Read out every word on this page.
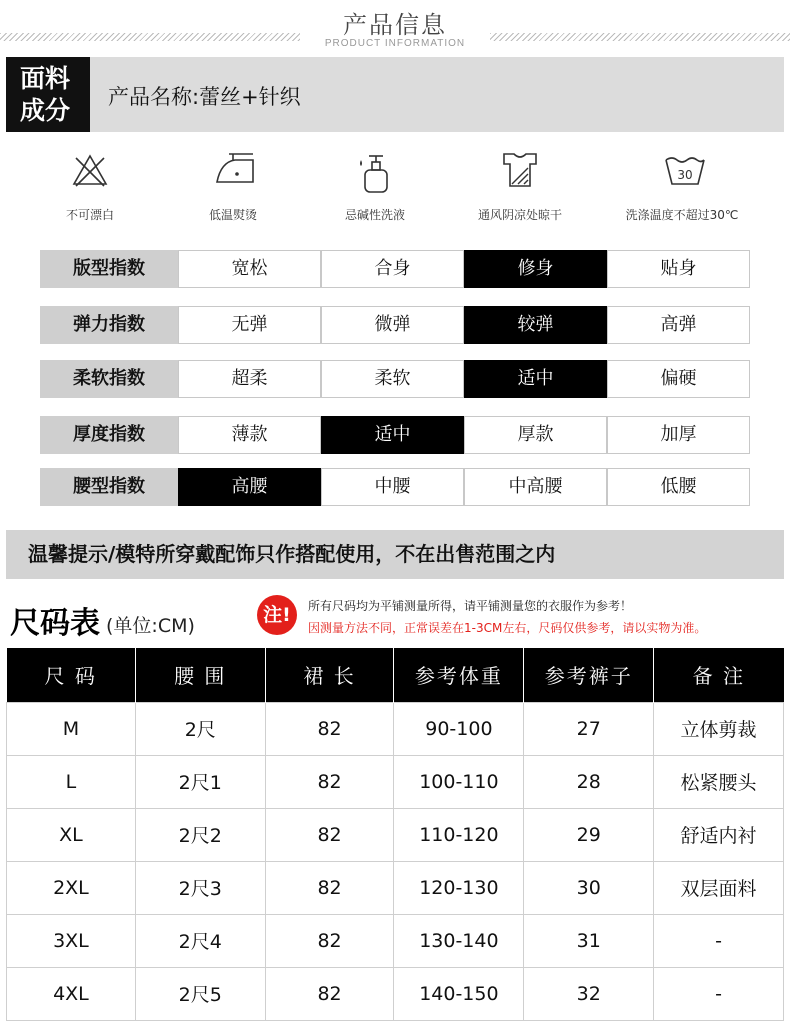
产品信息
PRODUCT INFORMATION
面料
成分	产品名称:蕾丝+针织
不可漂白	低温熨烫	忌碱性洗液	通风阴凉处晾干
30
洗涤温度不超过30℃
版型指数	宽松	合身	修身	贴身
弹力指数	无弹	微弹	较弹	高弹
柔软指数	超柔	柔软	适中	偏硬
厚度指数	薄款	适中	厚款	加厚
腰型指数	高腰	中腰	中高腰	低腰
温馨提示/模特所穿戴配饰只作搭配使用，不在出售范围之内
尺码表 (单位:CM)	注!	所有尺码均为平铺测量所得，请平铺测量您的衣服作为参考！
因测量方法不同，正常误差在1-3CM左右，尺码仅供参考，请以实物为准。
尺 码	腰 围	裙 长	参考体重	参考裤子	备 注
M	2尺	82	90-100	27	立体剪裁
L	2尺1	82	100-110	28	松紧腰头
XL	2尺2	82	110-120	29	舒适内衬
2XL	2尺3	82	120-130	30	双层面料
3XL	2尺4	82	130-140	31	-
4XL	2尺5	82	140-150	32	-
